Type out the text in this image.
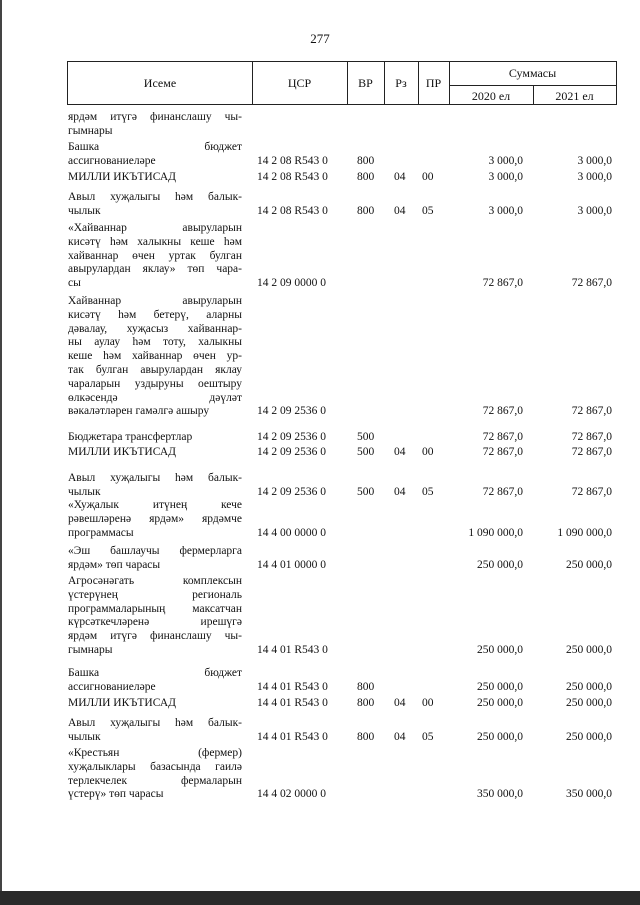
277
Исеме	ЦСР	ВР	Рз	ПР
Суммасы
2020 ел	2021 ел
ярдәм итүгә финанслашу чы-
гымнары
Башка бюджет
ассигнованиеләре	14 2 08 R543 0	800	3 000,0	3 000,0
МИЛЛИ ИКЪТИСАД	14 2 08 R543 0	800 04 00	3 000,0	3 000,0
Авыл хуҗалыгы һәм балык-
чылык	14 2 08 R543 0	800 04 05	3 000,0	3 000,0
«Хайваннар авыруларын
кисәтү һәм халыкны кешe һәм
хайваннар өчен уртак булган
авырулардан яклау» төп чара-
сы	14 2 09 0000 0	72 867,0	72 867,0
Хайваннар авыруларын
кисәтү һәм бетерү, аларны
дәвалау, хуҗасыз хайваннар-
ны аулау һәм тоту, халыкны
кеше һәм хайваннар өчен ур-
так булган авырулардан яклау
чараларын уздыруны оештыру
өлкәсендә дәүләт
вәкаләтләрен гамәлгә ашыру	14 2 09 2536 0	72 867,0	72 867,0
Бюджетара трансфертлар	14 2 09 2536 0	500	72 867,0	72 867,0
МИЛЛИ ИКЪТИСАД	14 2 09 2536 0	500 04 00	72 867,0	72 867,0
Авыл хуҗалыгы һәм балык-
чылык	14 2 09 2536 0	500 04 05	72 867,0	72 867,0
«Хуҗалык итүнең кече
рәвешләренә ярдәм» ярдәмче
программасы	14 4 00 0000 0	1 090 000,0	1 090 000,0
«Эш башлаучы фермерларга
ярдәм» төп чарасы	14 4 01 0000 0	250 000,0	250 000,0
Агросәнәгать комплексын
үстерүнең региональ
программаларының максатчан
күрсәткечләренә ирешүгә
ярдәм итүгә финанслашу чы-
гымнары	14 4 01 R543 0	250 000,0	250 000,0
Башка бюджет
ассигнованиеләре	14 4 01 R543 0	800	250 000,0	250 000,0
МИЛЛИ ИКЪТИСАД	14 4 01 R543 0	800 04 00	250 000,0	250 000,0
Авыл хуҗалыгы һәм балык-
чылык	14 4 01 R543 0	800 04 05	250 000,0	250 000,0
«Крестьян (фермер)
хуҗалыклары базасында гаилә
терлекчелек фермаларын
үстерү» төп чарасы	14 4 02 0000 0	350 000,0	350 000,0
